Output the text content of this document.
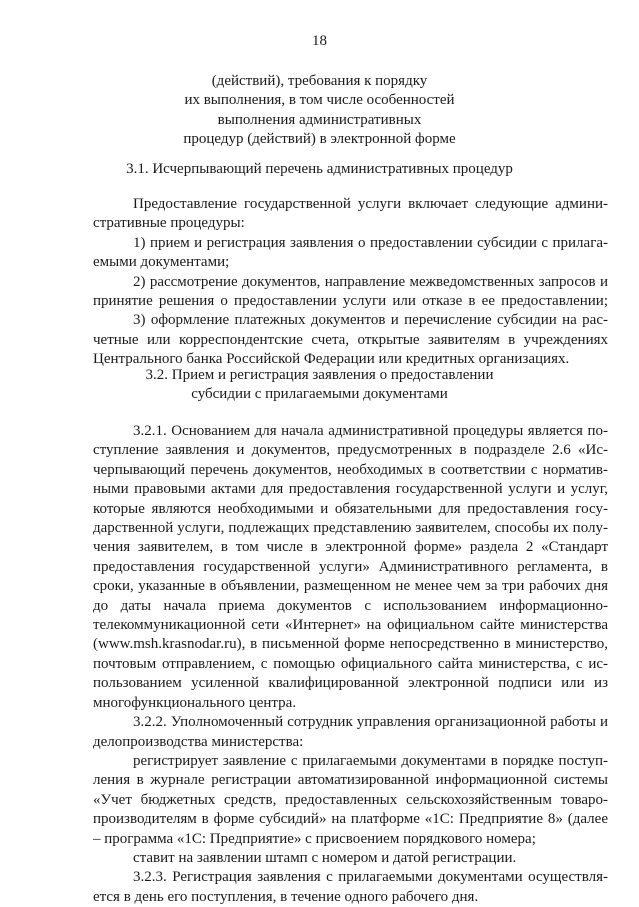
18
(действий), требования к порядку
их выполнения, в том числе особенностей
выполнения административных
процедур (действий) в электронной форме
3.1. Исчерпывающий перечень административных процедур
Предоставление государственной услуги включает следующие админи-
стративные процедуры:
1) прием и регистрация заявления о предоставлении субсидии с прилага-
емыми документами;
2) рассмотрение документов, направление межведомственных запросов и
принятие решения о предоставлении услуги или отказе в ее предоставлении;
3) оформление платежных документов и перечисление субсидии на рас-
четные или корреспондентские счета, открытые заявителям в учреждениях
Центрального банка Российской Федерации или кредитных организациях.
3.2. Прием и регистрация заявления о предоставлении
субсидии с прилагаемыми документами
3.2.1. Основанием для начала административной процедуры является по-
ступление заявления и документов, предусмотренных в подразделе 2.6 «Ис-
черпывающий перечень документов, необходимых в соответствии с норматив-
ными правовыми актами для предоставления государственной услуги и услуг,
которые являются необходимыми и обязательными для предоставления госу-
дарственной услуги, подлежащих представлению заявителем, способы их полу-
чения заявителем, в том числе в электронной форме» раздела 2 «Стандарт
предоставления государственной услуги» Административного регламента, в
сроки, указанные в объявлении, размещенном не менее чем за три рабочих дня
до даты начала приема документов с использованием информационно-
телекоммуникационной сети «Интернет» на официальном сайте министерства
(www.msh.krasnodar.ru), в письменной форме непосредственно в министерство,
почтовым отправлением, с помощью официального сайта министерства, с ис-
пользованием усиленной квалифицированной электронной подписи или из
многофункционального центра.
3.2.2. Уполномоченный сотрудник управления организационной работы и
делопроизводства министерства:
регистрирует заявление с прилагаемыми документами в порядке поступ-
ления в журнале регистрации автоматизированной информационной системы
«Учет бюджетных средств, предоставленных сельскохозяйственным товаро-
производителям в форме субсидий» на платформе «1С: Предприятие 8» (далее
– программа «1С: Предприятие» с присвоением порядкового номера;
ставит на заявлении штамп с номером и датой регистрации.
3.2.3. Регистрация заявления с прилагаемыми документами осуществля-
ется в день его поступления, в течение одного рабочего дня.
